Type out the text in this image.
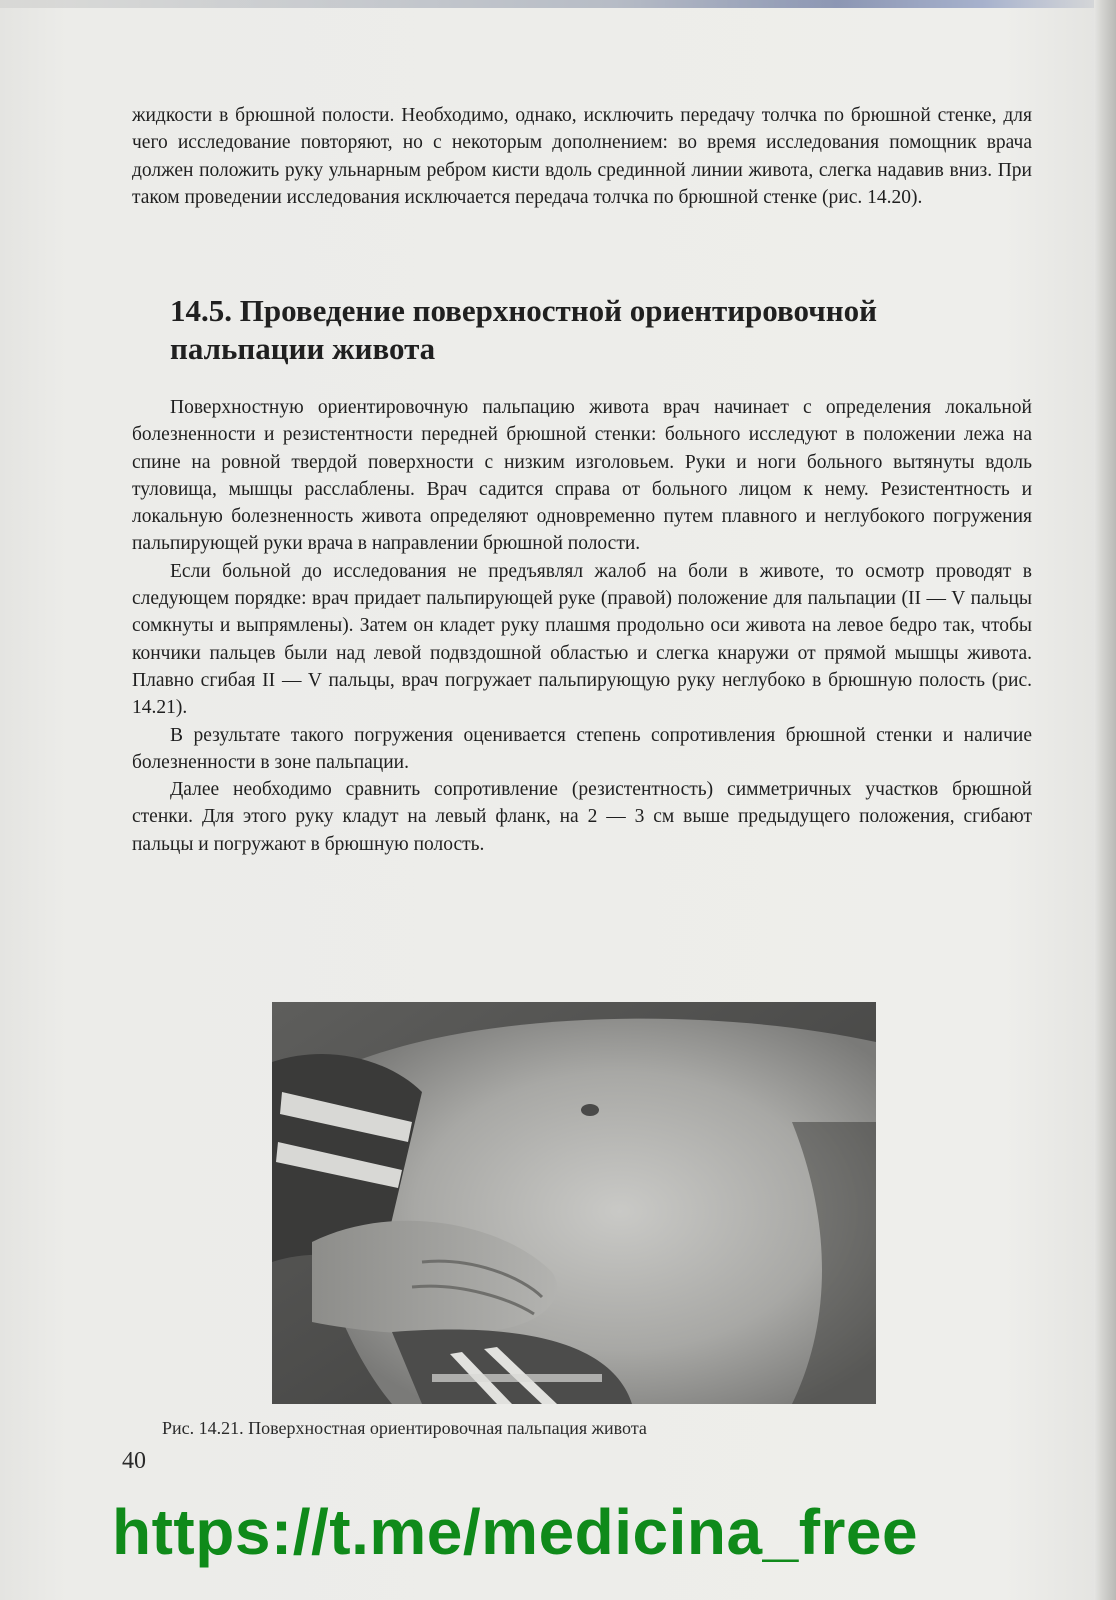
жидкости в брюшной полости. Необходимо, однако, исключить передачу толчка по брюшной стенке, для чего исследование повторяют, но с некоторым дополнением: во время исследования помощник врача должен положить руку ульнарным ребром кисти вдоль срединной линии живота, слегка надавив вниз. При таком проведении исследования исключается передача толчка по брюшной стенке (рис. 14.20).

14.5. Проведение поверхностной ориентировочной пальпации живота

Поверхностную ориентировочную пальпацию живота врач начинает с определения локальной болезненности и резистентности передней брюшной стенки: больного исследуют в положении лежа на спине на ровной твердой поверхности с низким изголовьем. Руки и ноги больного вытянуты вдоль туловища, мышцы расслаблены. Врач садится справа от больного лицом к нему. Резистентность и локальную болезненность живота определяют одновременно путем плавного и неглубокого погружения пальпирующей руки врача в направлении брюшной полости.

Если больной до исследования не предъявлял жалоб на боли в животе, то осмотр проводят в следующем порядке: врач придает пальпирующей руке (правой) положение для пальпации (II — V пальцы сомкнуты и выпрямлены). Затем он кладет руку плашмя продольно оси живота на левое бедро так, чтобы кончики пальцев были над левой подвздошной областью и слегка кнаружи от прямой мышцы живота. Плавно сгибая II — V пальцы, врач погружает пальпирующую руку неглубоко в брюшную полость (рис. 14.21).

В результате такого погружения оценивается степень сопротивления брюшной стенки и наличие болезненности в зоне пальпации.

Далее необходимо сравнить сопротивление (резистентность) симметричных участков брюшной стенки. Для этого руку кладут на левый фланк, на 2 — 3 см выше предыдущего положения, сгибают пальцы и погружают в брюшную полость.

Рис. 14.21. Поверхностная ориентировочная пальпация живота
40
https://t.me/medicina_free
